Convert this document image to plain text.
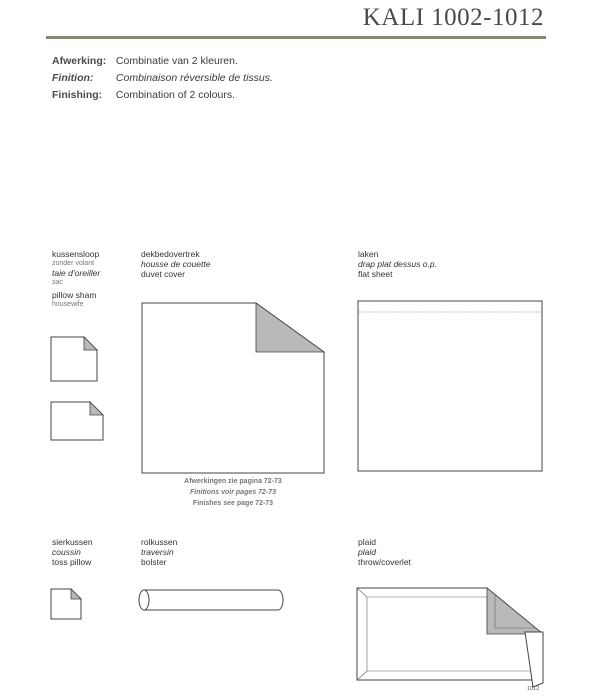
KALI 1002-1012
Afwerking: Combinatie van 2 kleuren.
Finition: Combinaison réversible de tissus.
Finishing: Combination of 2 colours.
kussensloop
zonder volant
taie d’oreiller
sac
pillow sham
housewife
dekbedovertrek
housse de couette
duvet cover
laken
drap plat dessus o.p.
flat sheet
Afwerkingen zie pagina 72-73
Finitions voir pages 72-73
Finishes see page 72-73
sierkussen
coussin
toss pillow
rolkussen
traversin
bolster
plaid
plaid
throw/coverlet
1012
